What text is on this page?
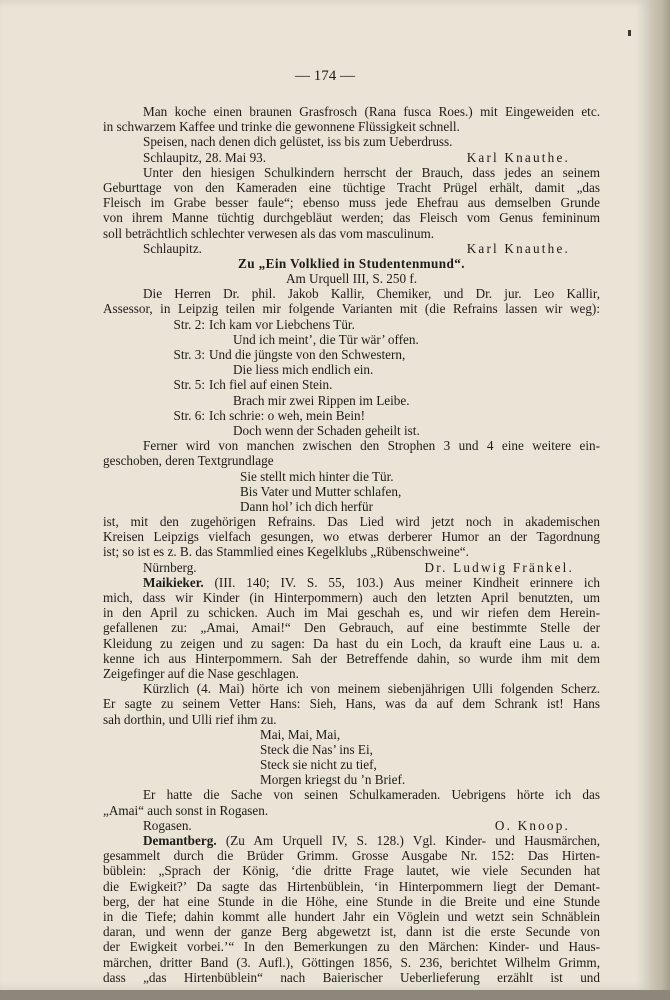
— 174 —
Man koche einen braunen Grasfrosch (Rana fusca Roes.) mit Eingeweiden etc.
in schwarzem Kaffee und trinke die gewonnene Flüssigkeit schnell.
Speisen, nach denen dich gelüstet, iss bis zum Ueberdruss.
Schlaupitz, 28. Mai 93.	Karl Knauthe.
Unter den hiesigen Schulkindern herrscht der Brauch, dass jedes an seinem
Geburttage von den Kameraden eine tüchtige Tracht Prügel erhält, damit „das
Fleisch im Grabe besser faule“; ebenso muss jede Ehefrau aus demselben Grunde
von ihrem Manne tüchtig durchgebläut werden; das Fleisch vom Genus femininum
soll beträchtlich schlechter verwesen als das vom masculinum.
Schlaupitz.	Karl Knauthe.
Zu „Ein Volklied in Studentenmund“.
Am Urquell III, S. 250 f.
Die Herren Dr. phil. Jakob Kallir, Chemiker, und Dr. jur. Leo Kallir,
Assessor, in Leipzig teilen mir folgende Varianten mit (die Refrains lassen wir weg):
Str. 2: Ich kam vor Liebchens Tür.
Und ich meint’, die Tür wär’ offen.
Str. 3: Und die jüngste von den Schwestern,
Die liess mich endlich ein.
Str. 5: Ich fiel auf einen Stein.
Brach mir zwei Rippen im Leibe.
Str. 6: Ich schrie: o weh, mein Bein!
Doch wenn der Schaden geheilt ist.
Ferner wird von manchen zwischen den Strophen 3 und 4 eine weitere ein-
geschoben, deren Textgrundlage
Sie stellt mich hinter die Tür.
Bis Vater und Mutter schlafen,
Dann hol’ ich dich herfür
ist, mit den zugehörigen Refrains. Das Lied wird jetzt noch in akademischen
Kreisen Leipzigs vielfach gesungen, wo etwas derberer Humor an der Tagordnung
ist; so ist es z. B. das Stammlied eines Kegelklubs „Rübenschweine“.
Nürnberg.	Dr. Ludwig Fränkel.
Maikieker. (III. 140; IV. S. 55, 103.) Aus meiner Kindheit erinnere ich
mich, dass wir Kinder (in Hinterpommern) auch den letzten April benutzten, um
in den April zu schicken. Auch im Mai geschah es, und wir riefen dem Herein-
gefallenen zu: „Amai, Amai!“ Den Gebrauch, auf eine bestimmte Stelle der
Kleidung zu zeigen und zu sagen: Da hast du ein Loch, da krauft eine Laus u. a.
kenne ich aus Hinterpommern. Sah der Betreffende dahin, so wurde ihm mit dem
Zeigefinger auf die Nase geschlagen.
Kürzlich (4. Mai) hörte ich von meinem siebenjährigen Ulli folgenden Scherz.
Er sagte zu seinem Vetter Hans: Sieh, Hans, was da auf dem Schrank ist! Hans
sah dorthin, und Ulli rief ihm zu.
Mai, Mai, Mai,
Steck die Nas’ ins Ei,
Steck sie nicht zu tief,
Morgen kriegst du ’n Brief.
Er hatte die Sache von seinen Schulkameraden. Uebrigens hörte ich das
„Amai“ auch sonst in Rogasen.
Rogasen.	O. Knoop.
Demantberg. (Zu Am Urquell IV, S. 128.) Vgl. Kinder- und Hausmärchen,
gesammelt durch die Brüder Grimm. Grosse Ausgabe Nr. 152: Das Hirten-
büblein: „Sprach der König, ‘die dritte Frage lautet, wie viele Secunden hat
die Ewigkeit?’ Da sagte das Hirtenbüblein, ‘in Hinterpommern liegt der Demant-
berg, der hat eine Stunde in die Höhe, eine Stunde in die Breite und eine Stunde
in die Tiefe; dahin kommt alle hundert Jahr ein Vöglein und wetzt sein Schnäblein
daran, und wenn der ganze Berg abgewetzt ist, dann ist die erste Secunde von
der Ewigkeit vorbei.’“ In den Bemerkungen zu den Märchen: Kinder- und Haus-
märchen, dritter Band (3. Aufl.), Göttingen 1856, S. 236, berichtet Wilhelm Grimm,
dass „das Hirtenbüblein“ nach Baierischer Ueberlieferung erzählt ist und
